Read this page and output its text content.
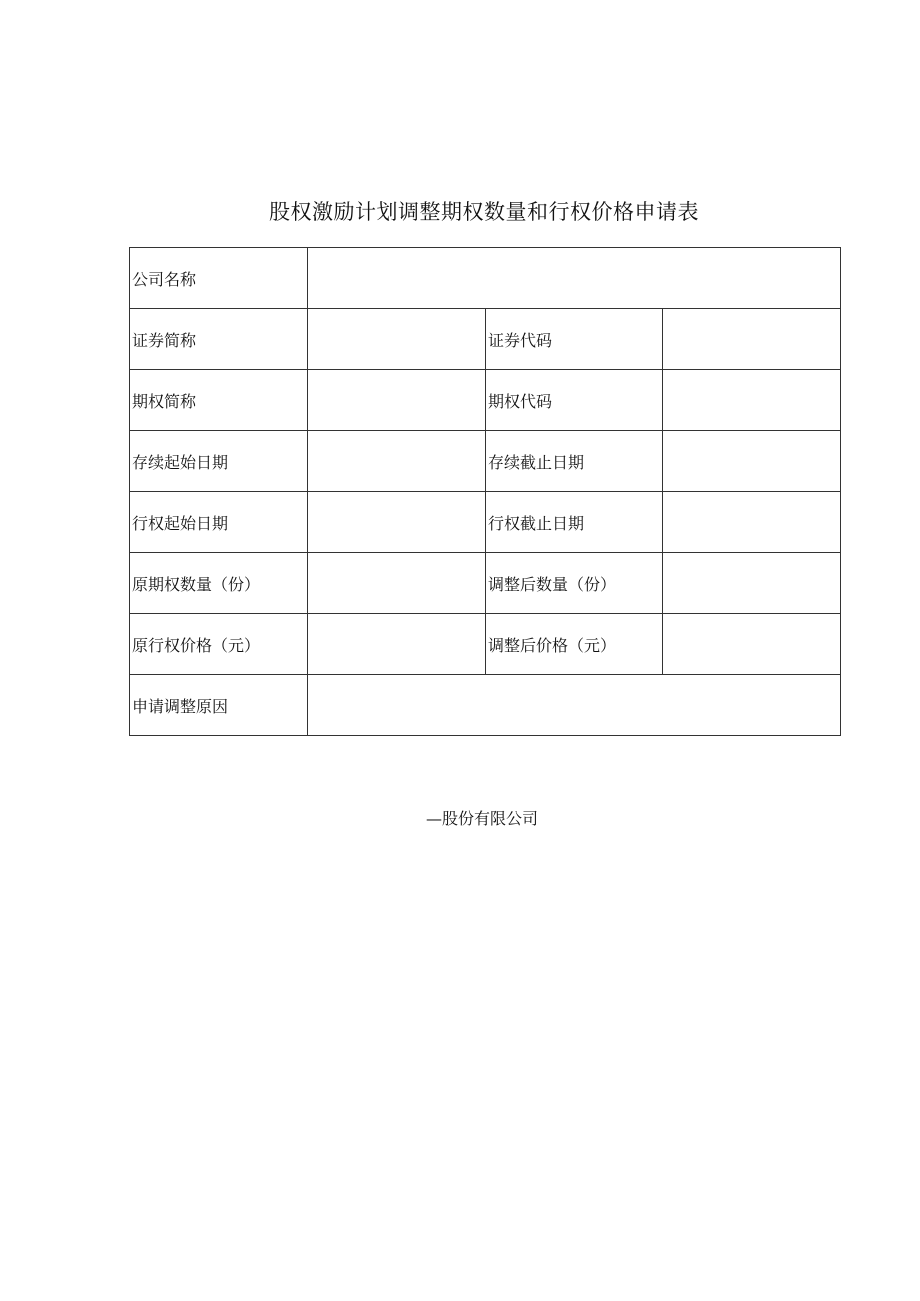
股权激励计划调整期权数量和行权价格申请表
公司名称			
证券简称		证券代码	
期权简称		期权代码	
存续起始日期		存续截止日期	
行权起始日期		行权截止日期	
原期权数量（份）		调整后数量（份）	
原行权价格（元）		调整后价格（元）	
申请调整原因			

—股份有限公司
